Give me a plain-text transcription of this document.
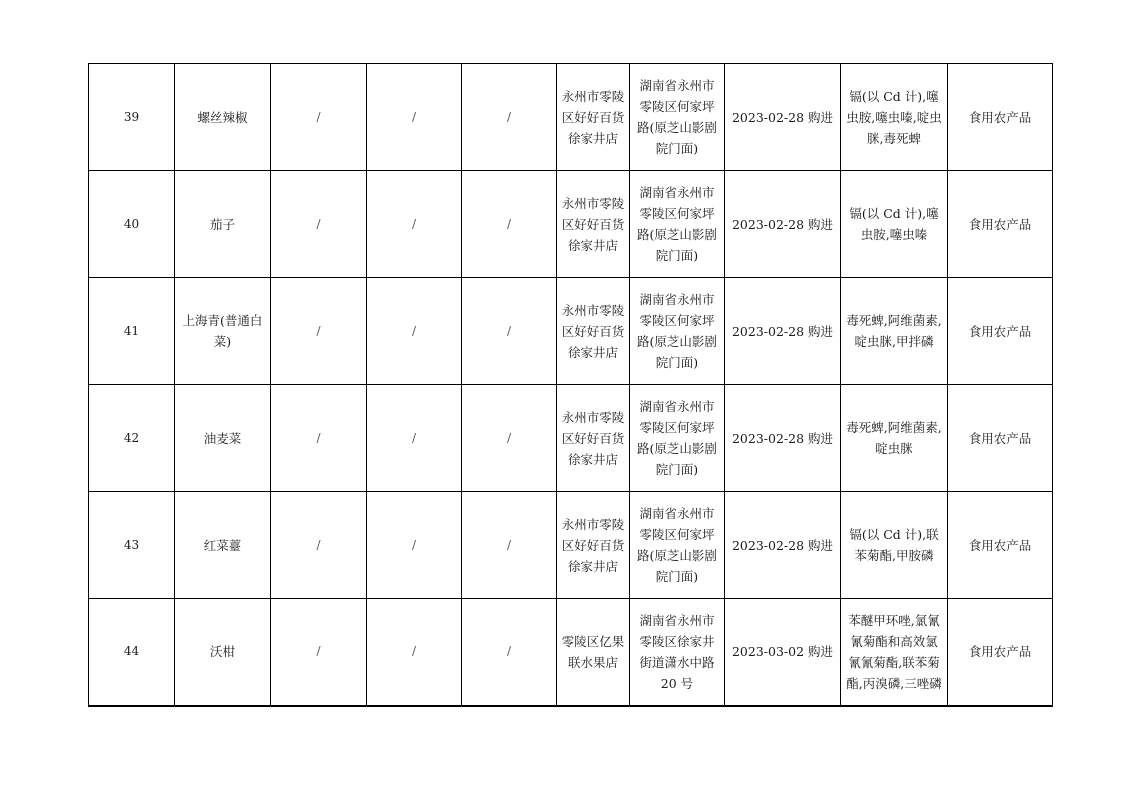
39	螺丝辣椒	/	/	/	永州市零陵区好好百货徐家井店	湖南省永州市零陵区何家坪路(原芝山影剧院门面)	2023-02-28 购进	镉(以 Cd 计),噻虫胺,噻虫嗪,啶虫脒,毒死蜱	食用农产品
40	茄子	/	/	/	永州市零陵区好好百货徐家井店	湖南省永州市零陵区何家坪路(原芝山影剧院门面)	2023-02-28 购进	镉(以 Cd 计),噻虫胺,噻虫嗪	食用农产品
41	上海青(普通白菜)	/	/	/	永州市零陵区好好百货徐家井店	湖南省永州市零陵区何家坪路(原芝山影剧院门面)	2023-02-28 购进	毒死蜱,阿维菌素,啶虫脒,甲拌磷	食用农产品
42	油麦菜	/	/	/	永州市零陵区好好百货徐家井店	湖南省永州市零陵区何家坪路(原芝山影剧院门面)	2023-02-28 购进	毒死蜱,阿维菌素,啶虫脒	食用农产品
43	红菜薹	/	/	/	永州市零陵区好好百货徐家井店	湖南省永州市零陵区何家坪路(原芝山影剧院门面)	2023-02-28 购进	镉(以 Cd 计),联苯菊酯,甲胺磷	食用农产品
44	沃柑	/	/	/	零陵区亿果联水果店	湖南省永州市零陵区徐家井街道潇水中路 20 号	2023-03-02 购进	苯醚甲环唑,氯氰氰菊酯和高效氯氰氰菊酯,联苯菊酯,丙溴磷,三唑磷	食用农产品
